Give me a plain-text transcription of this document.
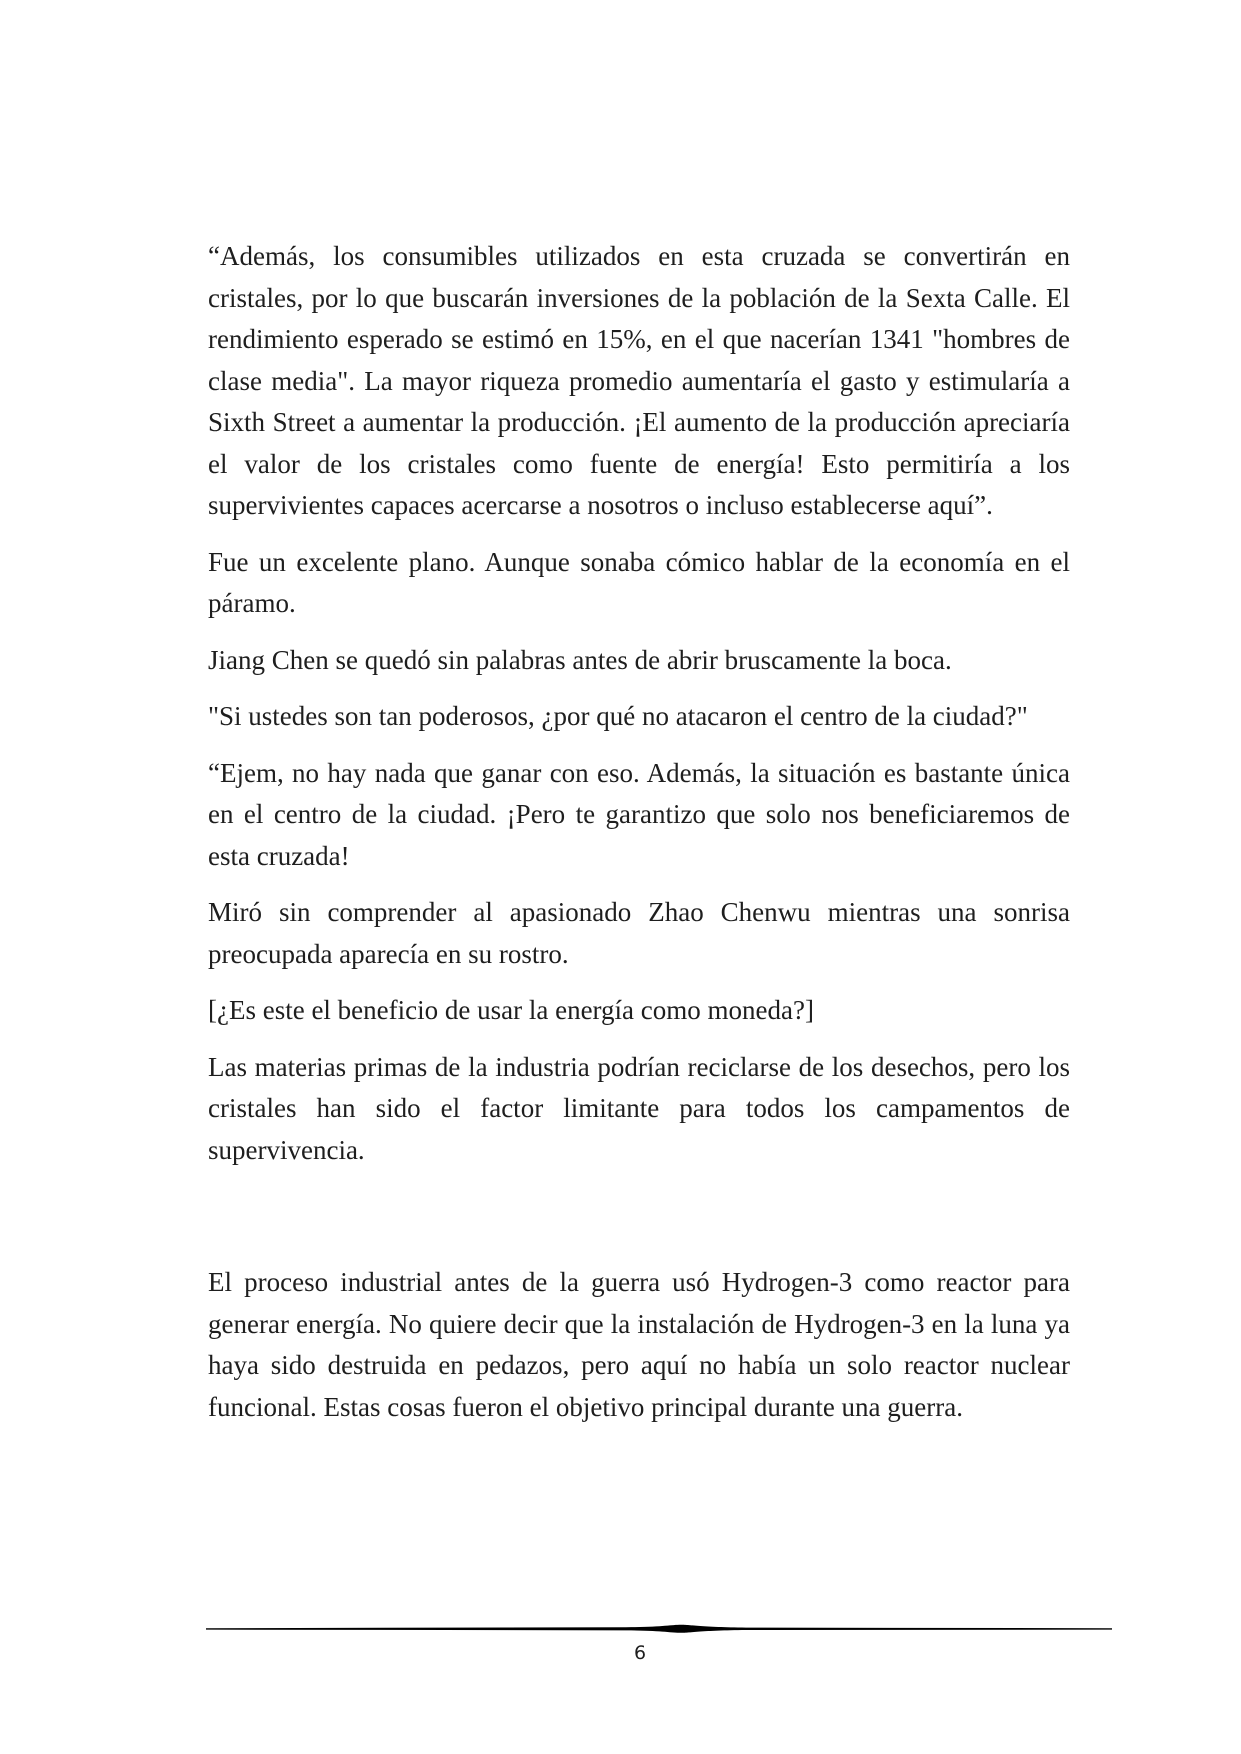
“Además, los consumibles utilizados en esta cruzada se convertirán en cristales, por lo que buscarán inversiones de la población de la Sexta Calle. El rendimiento esperado se estimó en 15%, en el que nacerían 1341 "hombres de clase media". La mayor riqueza promedio aumentaría el gasto y estimularía a Sixth Street a aumentar la producción. ¡El aumento de la producción apreciaría el valor de los cristales como fuente de energía! Esto permitiría a los supervivientes capaces acercarse a nosotros o incluso establecerse aquí”.

Fue un excelente plano. Aunque sonaba cómico hablar de la economía en el páramo.

Jiang Chen se quedó sin palabras antes de abrir bruscamente la boca.

"Si ustedes son tan poderosos, ¿por qué no atacaron el centro de la ciudad?"

“Ejem, no hay nada que ganar con eso. Además, la situación es bastante única en el centro de la ciudad. ¡Pero te garantizo que solo nos beneficiaremos de esta cruzada!

Miró sin comprender al apasionado Zhao Chenwu mientras una sonrisa preocupada aparecía en su rostro.

[¿Es este el beneficio de usar la energía como moneda?]

Las materias primas de la industria podrían reciclarse de los desechos, pero los cristales han sido el factor limitante para todos los campamentos de supervivencia.

El proceso industrial antes de la guerra usó Hydrogen-3 como reactor para generar energía. No quiere decir que la instalación de Hydrogen-3 en la luna ya haya sido destruida en pedazos, pero aquí no había un solo reactor nuclear funcional. Estas cosas fueron el objetivo principal durante una guerra.

6
